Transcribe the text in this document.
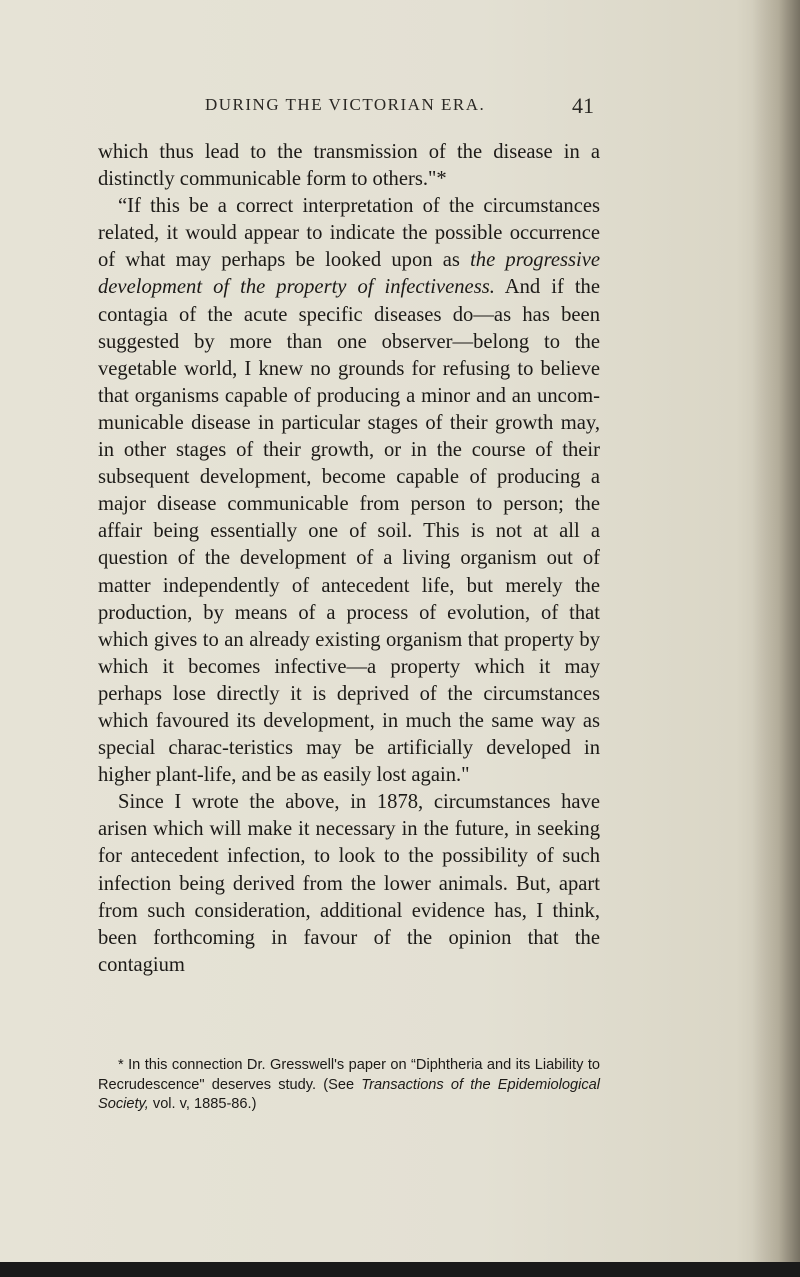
DURING THE VICTORIAN ERA.	41

which thus lead to the transmission of the disease in a distinctly communicable form to others."*

“If this be a correct interpretation of the circumstances related, it would appear to indicate the possible occurrence of what may perhaps be looked upon as the progressive development of the property of infectiveness. And if the contagia of the acute specific diseases do—as has been suggested by more than one observer—belong to the vegetable world, I knew no grounds for refusing to believe that organisms capable of producing a minor and an uncom-municable disease in particular stages of their growth may, in other stages of their growth, or in the course of their subsequent development, become capable of producing a major disease communicable from person to person; the affair being essentially one of soil. This is not at all a question of the development of a living organism out of matter independently of antecedent life, but merely the production, by means of a process of evolution, of that which gives to an already existing organism that property by which it becomes infective—a property which it may perhaps lose directly it is deprived of the circumstances which favoured its development, in much the same way as special charac-teristics may be artificially developed in higher plant-life, and be as easily lost again."

Since I wrote the above, in 1878, circumstances have arisen which will make it necessary in the future, in seeking for antecedent infection, to look to the possibility of such infection being derived from the lower animals. But, apart from such consideration, additional evidence has, I think, been forthcoming in favour of the opinion that the contagium

* In this connection Dr. Gresswell's paper on “Diphtheria and its Liability to Recrudescence" deserves study. (See Transactions of the Epidemiological Society, vol. v, 1885-86.)
